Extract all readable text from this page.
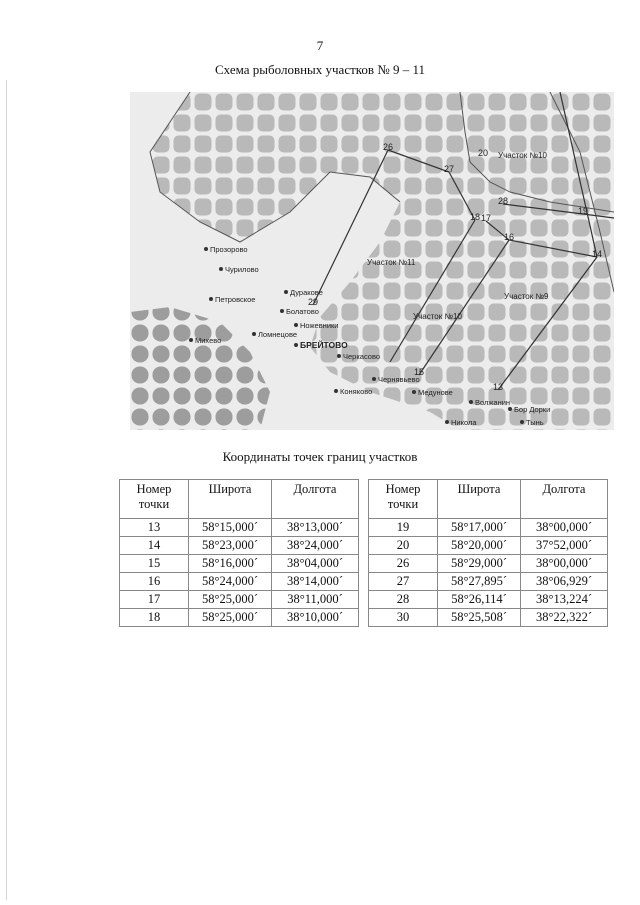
7
Схема рыболовных участков № 9 – 11
26
27
20
28
18 17
16
19
14
29
15
13
Участок №11
Участок №10
Участок №9
Участок №10
Прозорово
Чурилово
Дуракове
Петровское
Болатово
Ножевники
Ломнецове
Михево	БРЕЙТОВО
Черкасово
Чернявьево
Коняково	Медунове
Волжанин
Бор Дорки
Никола	Тынь
Координаты точек границ участков
Номер точки	Широта	Долгота
13	58°15,000´	38°13,000´
14	58°23,000´	38°24,000´
15	58°16,000´	38°04,000´
16	58°24,000´	38°14,000´
17	58°25,000´	38°11,000´
18	58°25,000´	38°10,000´
Номер точки	Широта	Долгота
19	58°17,000´	38°00,000´
20	58°20,000´	37°52,000´
26	58°29,000´	38°00,000´
27	58°27,895´	38°06,929´
28	58°26,114´	38°13,224´
30	58°25,508´	38°22,322´
